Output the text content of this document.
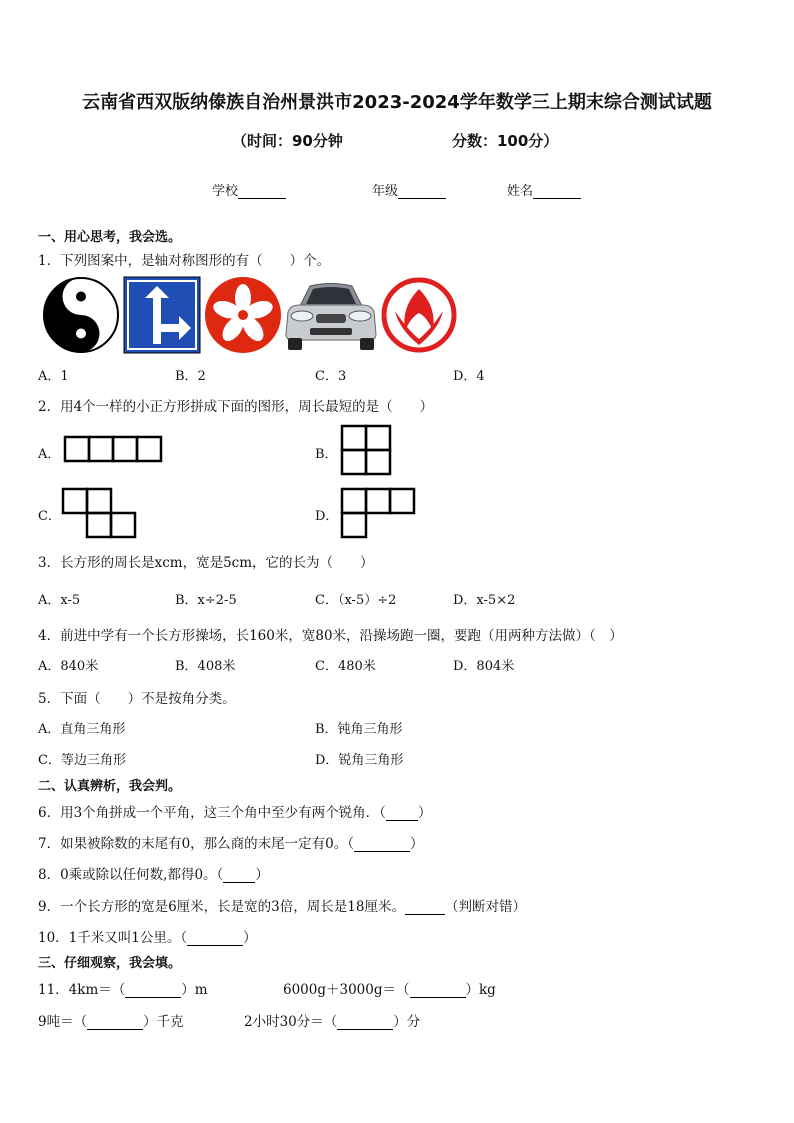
云南省西双版纳傣族自治州景洪市2023-2024学年数学三上期末综合测试试题
（时间：90分钟	分数：100分）
学校	年级	姓名
一、用心思考，我会选。
1．下列图案中，是轴对称图形的有（　　）个。
A．1	B．2	C．3	D．4
2．用4个一样的小正方形拼成下面的图形，周长最短的是（　　）
A．	B．
C．	D．
3．长方形的周长是xcm，宽是5cm，它的长为（　　）
A．x-5	B．x÷2-5	C．（x-5）÷2	D．x-5×2
4．前进中学有一个长方形操场，长160米，宽80米，沿操场跑一圈，要跑（用两种方法做）（　）
A．840米	B．408米	C．480米	D．804米
5．下面（　　）不是按角分类。
A．直角三角形	B．钝角三角形
C．等边三角形	D．锐角三角形
二、认真辨析，我会判。
6．用3个角拼成一个平角，这三个角中至少有两个锐角．（ ）
7．如果被除数的末尾有0，那么商的末尾一定有0。（	）
8．0乘或除以任何数,都得0。（ ）
9．一个长方形的宽是6厘米，长是宽的3倍，周长是18厘米。	（判断对错）
10．1千米又叫1公里。（	）
三、仔细观察，我会填。
11．4km＝（	）m	6000g＋3000g＝（	）kg
9吨＝（	）千克	2小时30分＝（	）分
